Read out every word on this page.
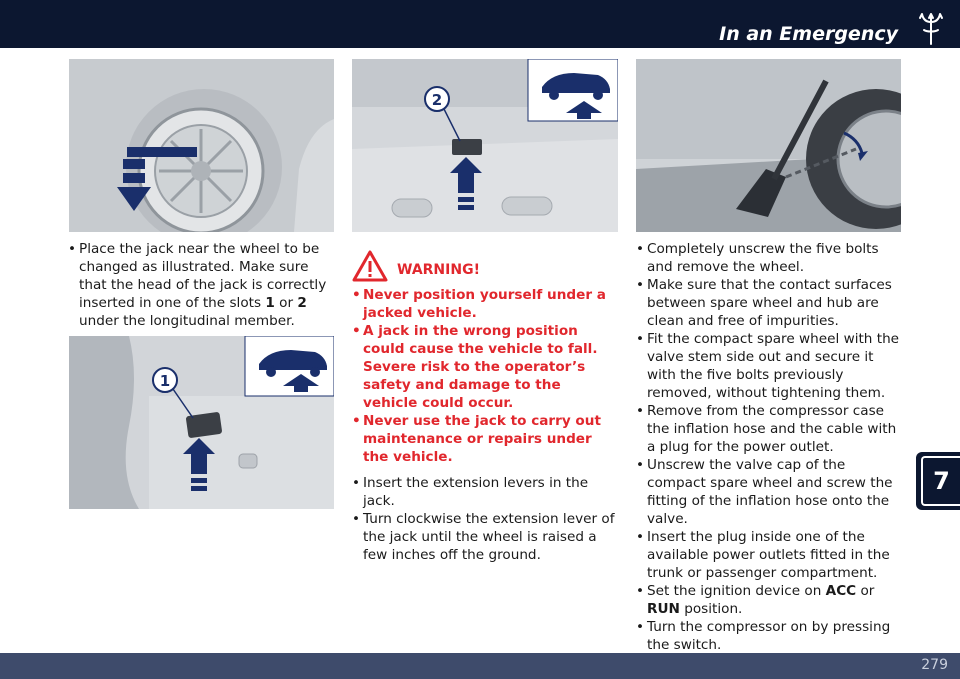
In an Emergency
2
1
• Place the jack near the wheel to be changed as illustrated. Make sure that the head of the jack is correctly inserted in one of the slots 1 or 2 under the longitudinal member.
WARNING!
• Never position yourself under a jacked vehicle.
• A jack in the wrong position could cause the vehicle to fall. Severe risk to the operator’s safety and damage to the vehicle could occur.
• Never use the jack to carry out maintenance or repairs under the vehicle.
• Insert the extension levers in the jack.
• Turn clockwise the extension lever of the jack until the wheel is raised a few inches off the ground.
• Completely unscrew the five bolts and remove the wheel.
• Make sure that the contact surfaces between spare wheel and hub are clean and free of impurities.
• Fit the compact spare wheel with the valve stem side out and secure it with the five bolts previously removed, without tightening them.
• Remove from the compressor case the inflation hose and the cable with a plug for the power outlet.
• Unscrew the valve cap of the compact spare wheel and screw the fitting of the inflation hose onto the valve.
• Insert the plug inside one of the available power outlets fitted in the trunk or passenger compartment.
• Set the ignition device on ACC or RUN position.
• Turn the compressor on by pressing the switch.
7
279
